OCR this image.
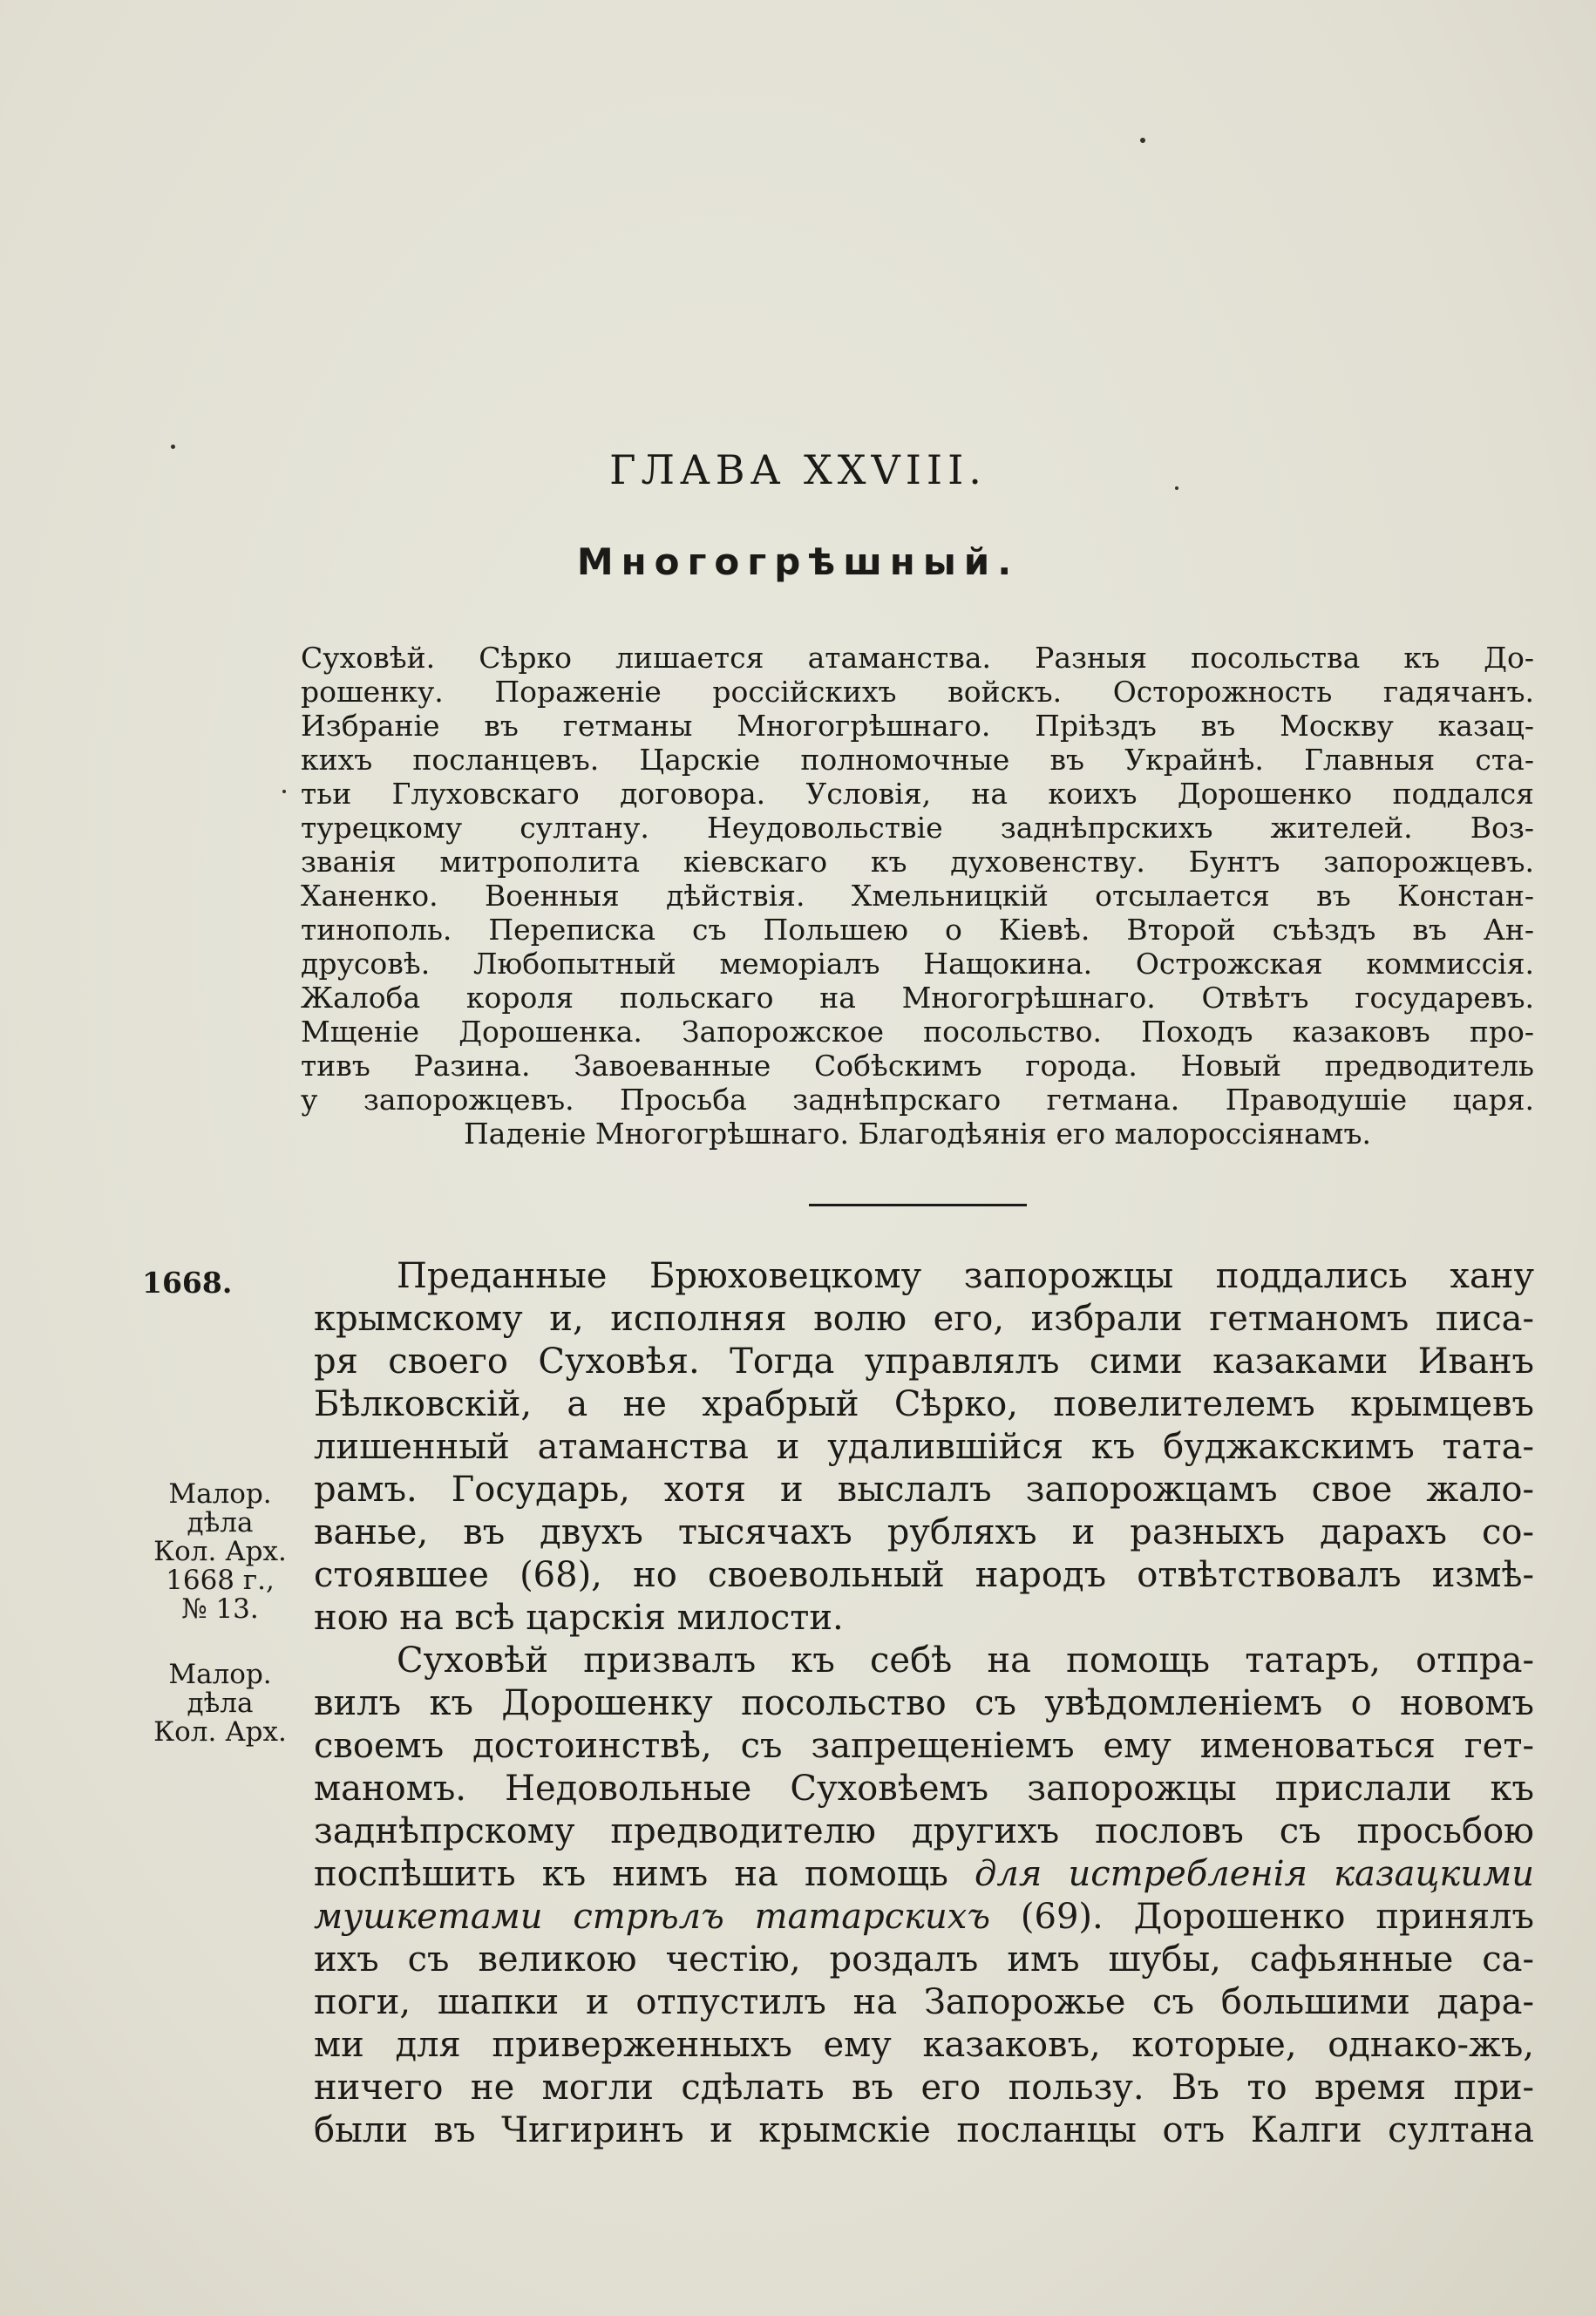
ГЛАВА XXVIII.
Многогрѣшный.
Суховѣй. Сѣрко лишается атаманства. Разныя посольства къ До-
рошенку. Пораженіе россійскихъ войскъ. Осторожность гадячанъ.
Избраніе въ гетманы Многогрѣшнаго. Пріѣздъ въ Москву казац-
кихъ посланцевъ. Царскіе полномочные въ Украйнѣ. Главныя ста-
тьи Глуховскаго договора. Условія, на коихъ Дорошенко поддался
турецкому султану. Неудовольствіе заднѣпрскихъ жителей. Воз-
званія митрополита кіевскаго къ духовенству. Бунтъ запорожцевъ.
Ханенко. Военныя дѣйствія. Хмельницкій отсылается въ Констан-
тинополь. Переписка съ Польшею о Кіевѣ. Второй съѣздъ въ Ан-
друсовѣ. Любопытный меморіалъ Нащокина. Острожская коммиссія.
Жалоба короля польскаго на Многогрѣшнаго. Отвѣтъ государевъ.
Мщеніе Дорошенка. Запорожское посольство. Походъ казаковъ про-
тивъ Разина. Завоеванные Собѣскимъ города. Новый предводитель
у запорожцевъ. Просьба заднѣпрскаго гетмана. Праводушіе царя.
Паденіе Многогрѣшнаго. Благодѣянія его малороссіянамъ.
1668.
Малор.
дѣла
Кол. Арх.
1668 г.,
№ 13.
Малор.
дѣла
Кол. Арх.
Преданные Брюховецкому запорожцы поддались хану
крымскому и, исполняя волю его, избрали гетманомъ писа-
ря своего Суховѣя. Тогда управлялъ сими казаками Иванъ
Бѣлковскій, а не храбрый Сѣрко, повелителемъ крымцевъ
лишенный атаманства и удалившійся къ буджакскимъ тата-
рамъ. Государь, хотя и выслалъ запорожцамъ свое жало-
ванье, въ двухъ тысячахъ рубляхъ и разныхъ дарахъ со-
стоявшее (68), но своевольный народъ отвѣтствовалъ измѣ-
ною на всѣ царскія милости.
Суховѣй призвалъ къ себѣ на помощь татаръ, отпра-
вилъ къ Дорошенку посольство съ увѣдомленіемъ о новомъ
своемъ достоинствѣ, съ запрещеніемъ ему именоваться гет-
маномъ. Недовольные Суховѣемъ запорожцы прислали къ
заднѣпрскому предводителю другихъ пословъ съ просьбою
поспѣшить къ нимъ на помощь для истребленія казацкими
мушкетами стрѣлъ татарскихъ (69). Дорошенко принялъ
ихъ съ великою честію, роздалъ имъ шубы, сафьянные са-
поги, шапки и отпустилъ на Запорожье съ большими дара-
ми для приверженныхъ ему казаковъ, которые, однако-жъ,
ничего не могли сдѣлать въ его пользу. Въ то время при-
были въ Чигиринъ и крымскіе посланцы отъ Калги султана
